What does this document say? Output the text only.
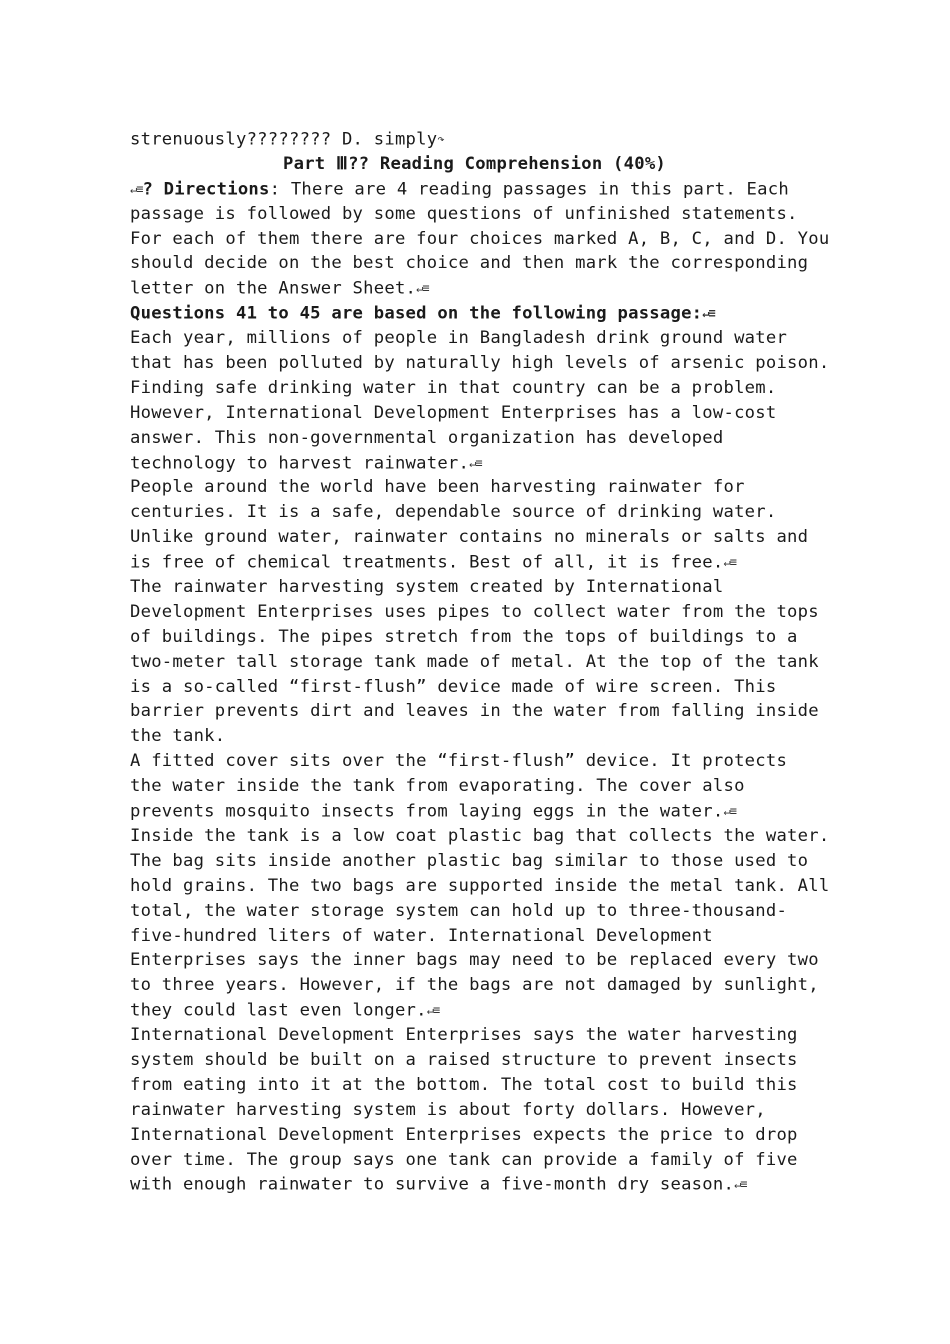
strenuously???????? D. simply↷
Part Ⅲ?? Reading Comprehension (40%)
↵≡? Directions: There are 4 reading passages in this part. Each
passage is followed by some questions of unfinished statements.
For each of them there are four choices marked A, B, C, and D. You
should decide on the best choice and then mark the corresponding
letter on the Answer Sheet.↵≡
Questions 41 to 45 are based on the following passage:↵≡
Each year, millions of people in Bangladesh drink ground water
that has been polluted by naturally high levels of arsenic poison.
Finding safe drinking water in that country can be a problem.
However, International Development Enterprises has a low-cost
answer. This non-governmental organization has developed
technology to harvest rainwater.↵≡
People around the world have been harvesting rainwater for
centuries. It is a safe, dependable source of drinking water.
Unlike ground water, rainwater contains no minerals or salts and
is free of chemical treatments. Best of all, it is free.↵≡
The rainwater harvesting system created by International
Development Enterprises uses pipes to collect water from the tops
of buildings. The pipes stretch from the tops of buildings to a
two-meter tall storage tank made of metal. At the top of the tank
is a so-called “first-flush” device made of wire screen. This
barrier prevents dirt and leaves in the water from falling inside
the tank.
A fitted cover sits over the “first-flush” device. It protects
the water inside the tank from evaporating. The cover also
prevents mosquito insects from laying eggs in the water.↵≡
Inside the tank is a low coat plastic bag that collects the water.
The bag sits inside another plastic bag similar to those used to
hold grains. The two bags are supported inside the metal tank. All
total, the water storage system can hold up to three-thousand-
five-hundred liters of water. International Development
Enterprises says the inner bags may need to be replaced every two
to three years. However, if the bags are not damaged by sunlight,
they could last even longer.↵≡
International Development Enterprises says the water harvesting
system should be built on a raised structure to prevent insects
from eating into it at the bottom. The total cost to build this
rainwater harvesting system is about forty dollars. However,
International Development Enterprises expects the price to drop
over time. The group says one tank can provide a family of five
with enough rainwater to survive a five-month dry season.↵≡
